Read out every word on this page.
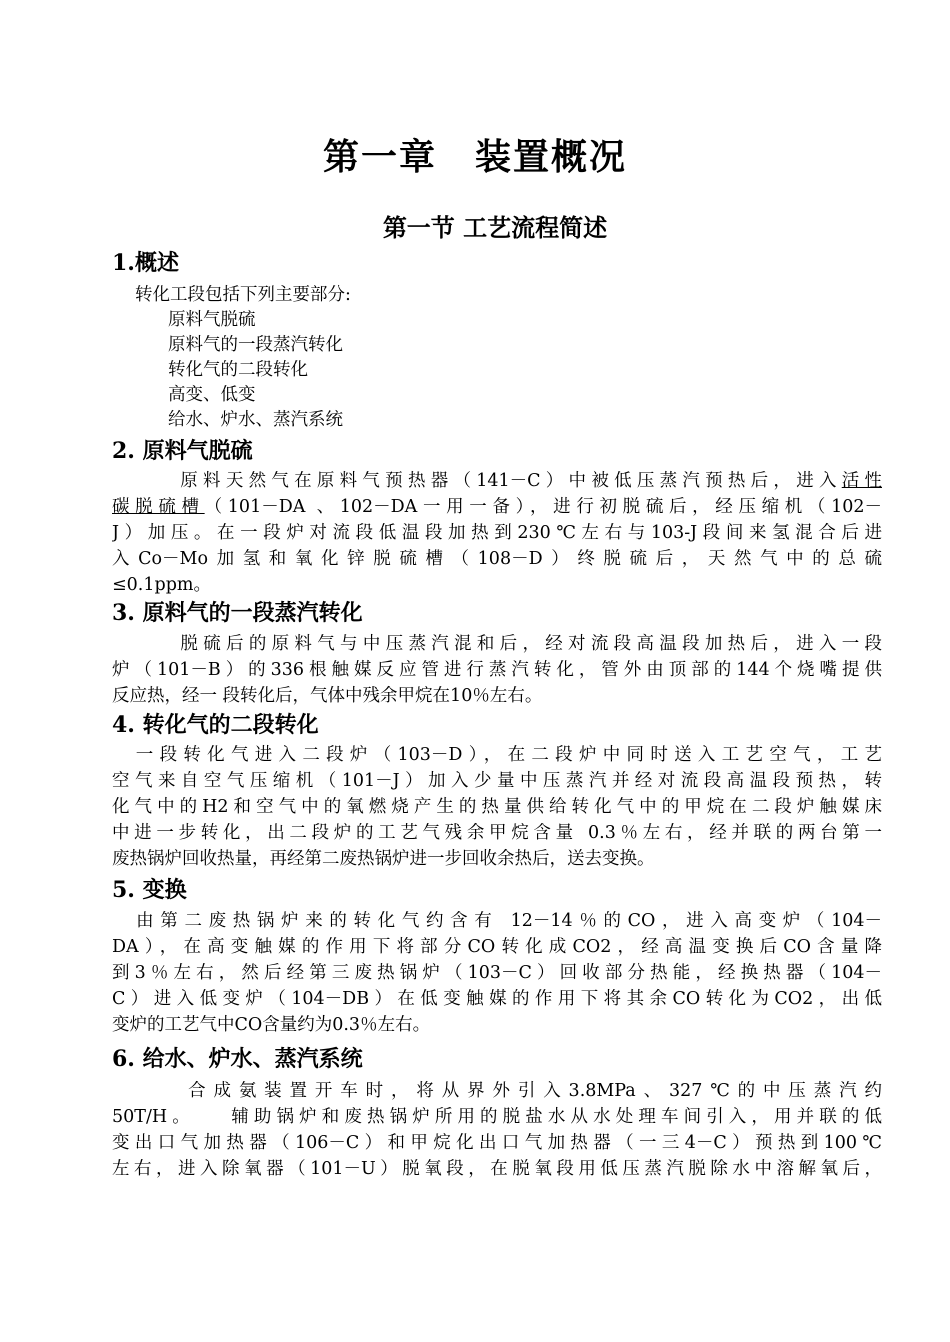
第一章　装置概况
第一节 工艺流程简述
1.概述
转化工段包括下列主要部分:
原料气脱硫
原料气的一段蒸汽转化
转化气的二段转化
高变、低变
给水、炉水、蒸汽系统
2. 原料气脱硫
　　　原料天然气在原料气预热器（141－C）中被低压蒸汽预热后，进入活性
碳脱硫槽（101－DA 、102－DA一用一备），进行初脱硫后，经压缩机（102－
J）加压。在一段炉对流段低温段加热到230℃左右与103-J段间来氢混合后进
入Co－Mo加氢和氧化锌脱硫槽（108－D）终脱硫后，天然气中的总硫
≤0.1ppm。
3. 原料气的一段蒸汽转化
　　　脱硫后的原料气与中压蒸汽混和后，经对流段高温段加热后，进入一段
炉（101－B）的336根触媒反应管进行蒸汽转化，管外由顶部的144个烧嘴提供
反应热，经一 段转化后，气体中残余甲烷在10％左右。
4. 转化气的二段转化
　一段转化气进入二段炉（103－D），在二段炉中同时送入工艺空气，工艺
空气来自空气压缩机（101－J）加入少量中压蒸汽并经对流段高温段预热，转
化气中的H2和空气中的氧燃烧产生的热量供给转化气中的甲烷在二段炉触媒床
中进一步转化，出二段炉的工艺气残余甲烷含量 0.3％左右，经并联的两台第一
废热锅炉回收热量，再经第二废热锅炉进一步回收余热后，送去变换。
5. 变换
　由第二废热锅炉来的转化气约含有 12－14％的CO，进入高变炉（104－
DA），在高变触媒的作用下将部分CO转化成CO2，经高温变换后CO含量降
到3％左右，然后经第三废热锅炉（103－C）回收部分热能，经换热器（104－
C）进入低变炉（104－DB）在低变触媒的作用下将其余CO转化为CO2，出低
变炉的工艺气中CO含量约为0.3％左右。
6. 给水、炉水、蒸汽系统
　　　合成氨装置开车时，将从界外引入3.8MPa、327℃的中压蒸汽约
50T/H。　　辅助锅炉和废热锅炉所用的脱盐水从水处理车间引入，用并联的低
变出口气加热器（106－C）和甲烷化出口气加热器（一三4－C）预热到100℃
左右，进入除氧器（101－U）脱氧段，在脱氧段用低压蒸汽脱除水中溶解氧后，
